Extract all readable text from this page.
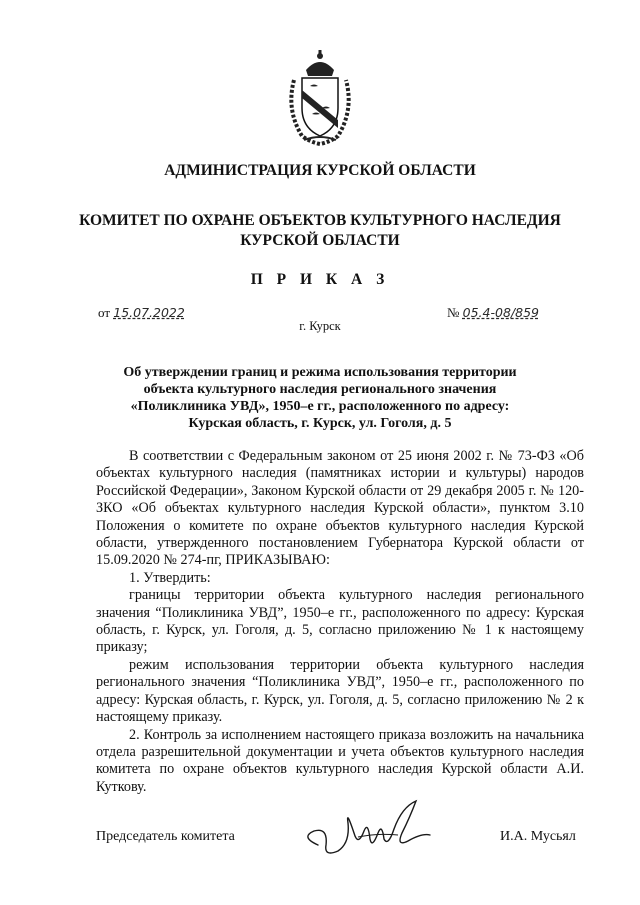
АДМИНИСТРАЦИЯ КУРСКОЙ ОБЛАСТИ
КОМИТЕТ ПО ОХРАНЕ ОБЪЕКТОВ КУЛЬТУРНОГО НАСЛЕДИЯ
КУРСКОЙ ОБЛАСТИ
П Р И К А З
от 15.07.2022	№ 05.4-08/859
г. Курск
Об утверждении границ и режима использования территории
объекта культурного наследия регионального значения
«Поликлиника УВД», 1950–е гг., расположенного по адресу:
Курская область, г. Курск, ул. Гоголя, д. 5

В соответствии с Федеральным законом от 25 июня 2002 г. № 73-ФЗ «Об объектах культурного наследия (памятниках истории и культуры) народов Российской Федерации», Законом Курской области от 29 декабря 2005 г. № 120-ЗКО «Об объектах культурного наследия Курской области», пунктом 3.10 Положения о комитете по охране объектов культурного наследия Курской области, утвержденного постановлением Губернатора Курской области от 15.09.2020 № 274-пг, ПРИКАЗЫВАЮ:

1. Утвердить:

границы территории объекта культурного наследия регионального значения “Поликлиника УВД”, 1950–е гг., расположенного по адресу: Курская область, г. Курск, ул. Гоголя, д. 5, согласно приложению № 1 к настоящему приказу;

режим использования территории объекта культурного наследия регионального значения “Поликлиника УВД”, 1950–е гг., расположенного по адресу: Курская область, г. Курск, ул. Гоголя, д. 5, согласно приложению № 2 к настоящему приказу.

2. Контроль за исполнением настоящего приказа возложить на начальника отдела разрешительной документации и учета объектов культурного наследия комитета по охране объектов культурного наследия Курской области А.И. Куткову.

Председатель комитета	И.А. Мусьял
